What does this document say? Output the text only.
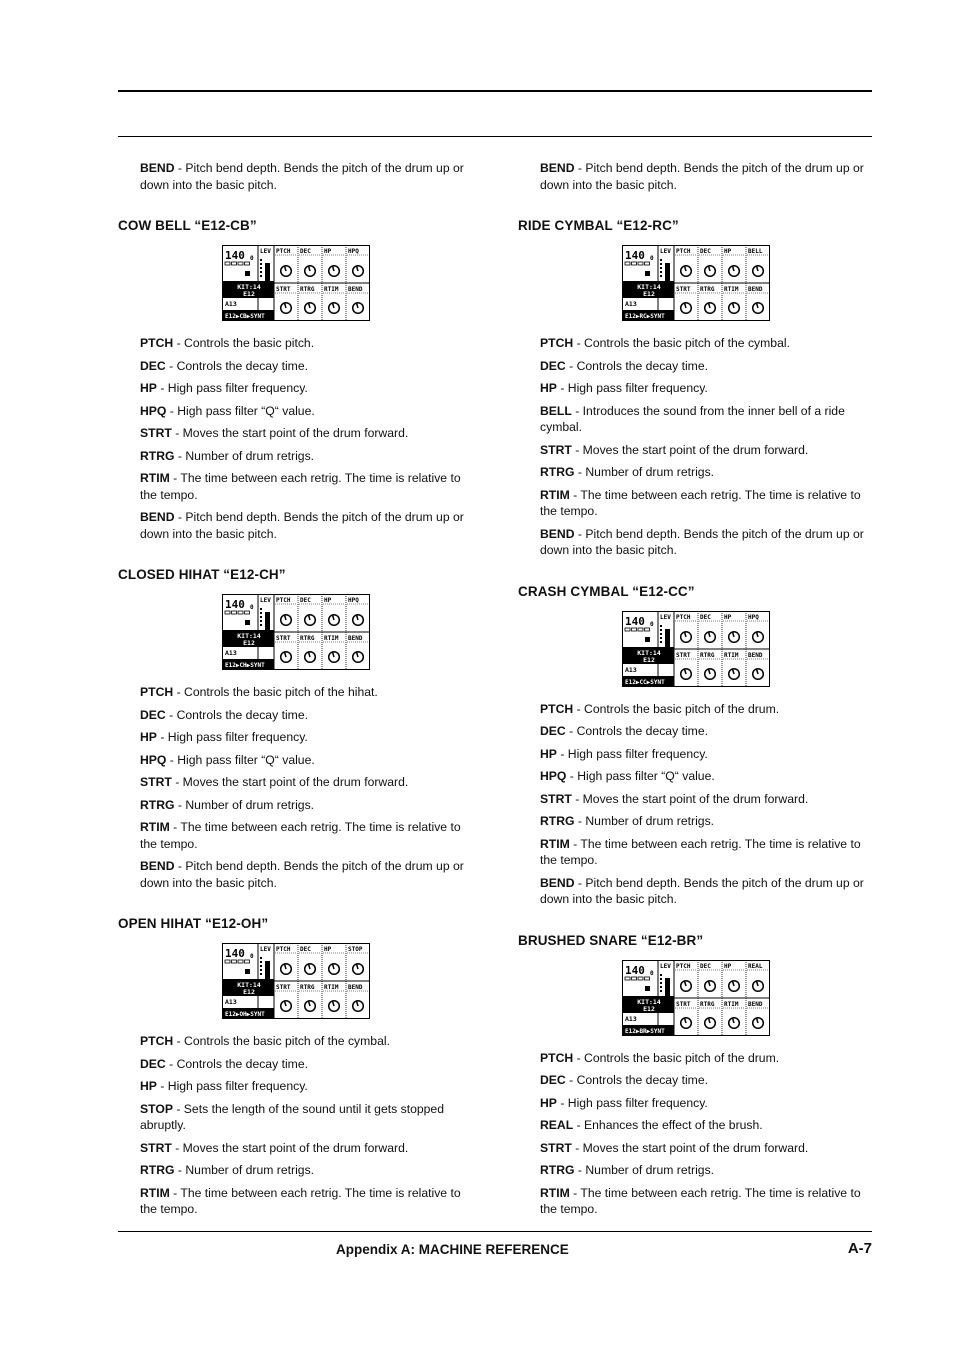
BEND - Pitch bend depth. Bends the pitch of the drum up or down into the basic pitch.
COW BELL “E12-CB”
140 0
KIT:14
E12
A13
E12▶CB▶SYNT
LEV PTCH DEC HP	HPQ
STRT RTRG RTIM BEND
PTCH - Controls the basic pitch.
DEC - Controls the decay time.
HP - High pass filter frequency.
HPQ - High pass filter “Q“ value.
STRT - Moves the start point of the drum forward.
RTRG - Number of drum retrigs.
RTIM - The time between each retrig. The time is relative to the tempo.
BEND - Pitch bend depth. Bends the pitch of the drum up or down into the basic pitch.
CLOSED HIHAT “E12-CH”
140 0
KIT:14
E12
A13
E12▶CH▶SYNT
LEV PTCH DEC HP	HPQ
STRT RTRG RTIM BEND
PTCH - Controls the basic pitch of the hihat.
DEC - Controls the decay time.
HP - High pass filter frequency.
HPQ - High pass filter “Q“ value.
STRT - Moves the start point of the drum forward.
RTRG - Number of drum retrigs.
RTIM - The time between each retrig. The time is relative to the tempo.
BEND - Pitch bend depth. Bends the pitch of the drum up or down into the basic pitch.
OPEN HIHAT “E12-OH”
140 0
KIT:14
E12
A13
E12▶OH▶SYNT
LEV PTCH DEC HP	STOP
STRT RTRG RTIM BEND
PTCH - Controls the basic pitch of the cymbal.
DEC - Controls the decay time.
HP - High pass filter frequency.
STOP - Sets the length of the sound until it gets stopped abruptly.
STRT - Moves the start point of the drum forward.
RTRG - Number of drum retrigs.
RTIM - The time between each retrig. The time is relative to the tempo.
BEND - Pitch bend depth. Bends the pitch of the drum up or down into the basic pitch.
RIDE CYMBAL “E12-RC”
140 0
KIT:14
E12
A13
E12▶RC▶SYNT
LEV PTCH DEC HP	BELL
STRT RTRG RTIM BEND
PTCH - Controls the basic pitch of the cymbal.
DEC - Controls the decay time.
HP - High pass filter frequency.
BELL - Introduces the sound from the inner bell of a ride cymbal.
STRT - Moves the start point of the drum forward.
RTRG - Number of drum retrigs.
RTIM - The time between each retrig. The time is relative to the tempo.
BEND - Pitch bend depth. Bends the pitch of the drum up or down into the basic pitch.
CRASH CYMBAL “E12-CC”
140 0
KIT:14
E12
A13
E12▶CC▶SYNT
LEV PTCH DEC HP	HPQ
STRT RTRG RTIM BEND
PTCH - Controls the basic pitch of the drum.
DEC - Controls the decay time.
HP - High pass filter frequency.
HPQ - High pass filter “Q“ value.
STRT - Moves the start point of the drum forward.
RTRG - Number of drum retrigs.
RTIM - The time between each retrig. The time is relative to the tempo.
BEND - Pitch bend depth. Bends the pitch of the drum up or down into the basic pitch.
BRUSHED SNARE “E12-BR”
140 0
KIT:14
E12
A13
E12▶BR▶SYNT
LEV PTCH DEC HP	REAL
STRT RTRG RTIM BEND
PTCH - Controls the basic pitch of the drum.
DEC - Controls the decay time.
HP - High pass filter frequency.
REAL - Enhances the effect of the brush.
STRT - Moves the start point of the drum forward.
RTRG - Number of drum retrigs.
RTIM - The time between each retrig. The time is relative to the tempo.
Appendix A: MACHINE REFERENCE	A-7
